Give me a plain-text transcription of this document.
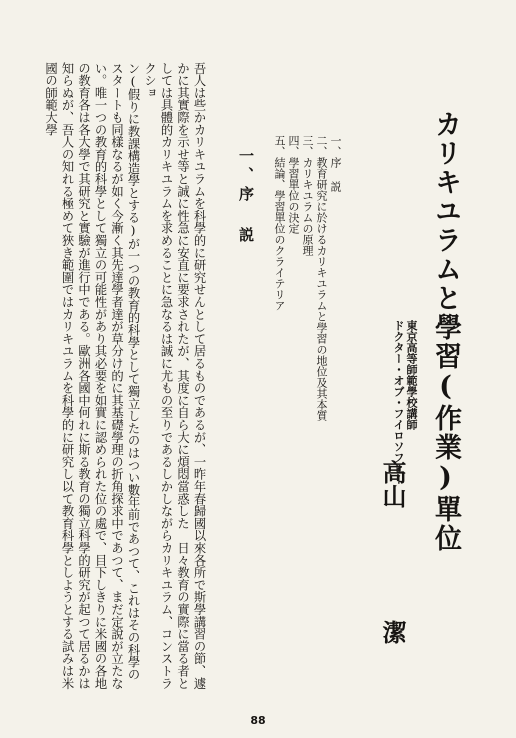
カリキユラムと學習(作業)單位
東京高等師範學校講師
ドクター・オブ・フイロソフヒー
高山
潔
一、序 説
二、教育研究に於けるカリキユラムと學習の地位及其本質
三、カリキユラムの原理
四、學習單位の決定
五、結論、學習單位のクライテリア
一、序 説
吾人は些かカリキユラムを科學的に研究せんとして居るものであるが、一昨年春歸國以來各所で斯學講習の節、遽かに其實際を示せ等と誠に性急に安直に要求されたが、其度に自ら大に煩悶當惑した　日々教育の實際に當る者としては具體的カリキユラムを求めることに急なるは誠に尤もの至りであるしかしながらカリキユラム、コンストラクショ
ン(假りに教課構造學とする)が一つの教育的科學として獨立したのはつい數年前であつて、これはその科學のスタートも同樣なるが如く今漸く其先達學者達が草分け的に其基礎學理の折角探求中であつて、まだ定說が立たない。唯一つの教育的科學として獨立の可能性があり其必要を如實に認められた位の處で、目下しきりに米國の各地の教育各は各大學で其研究と實驗が進行中である。歐洲各國中何れに斯る教育の獨立科學的研究が起つて居るかは知らぬが、吾人の知れる極めて狹き範圍ではカリキユラムを科學的に研究し以て教育科學としようとする試みは米國の師範大學
88
